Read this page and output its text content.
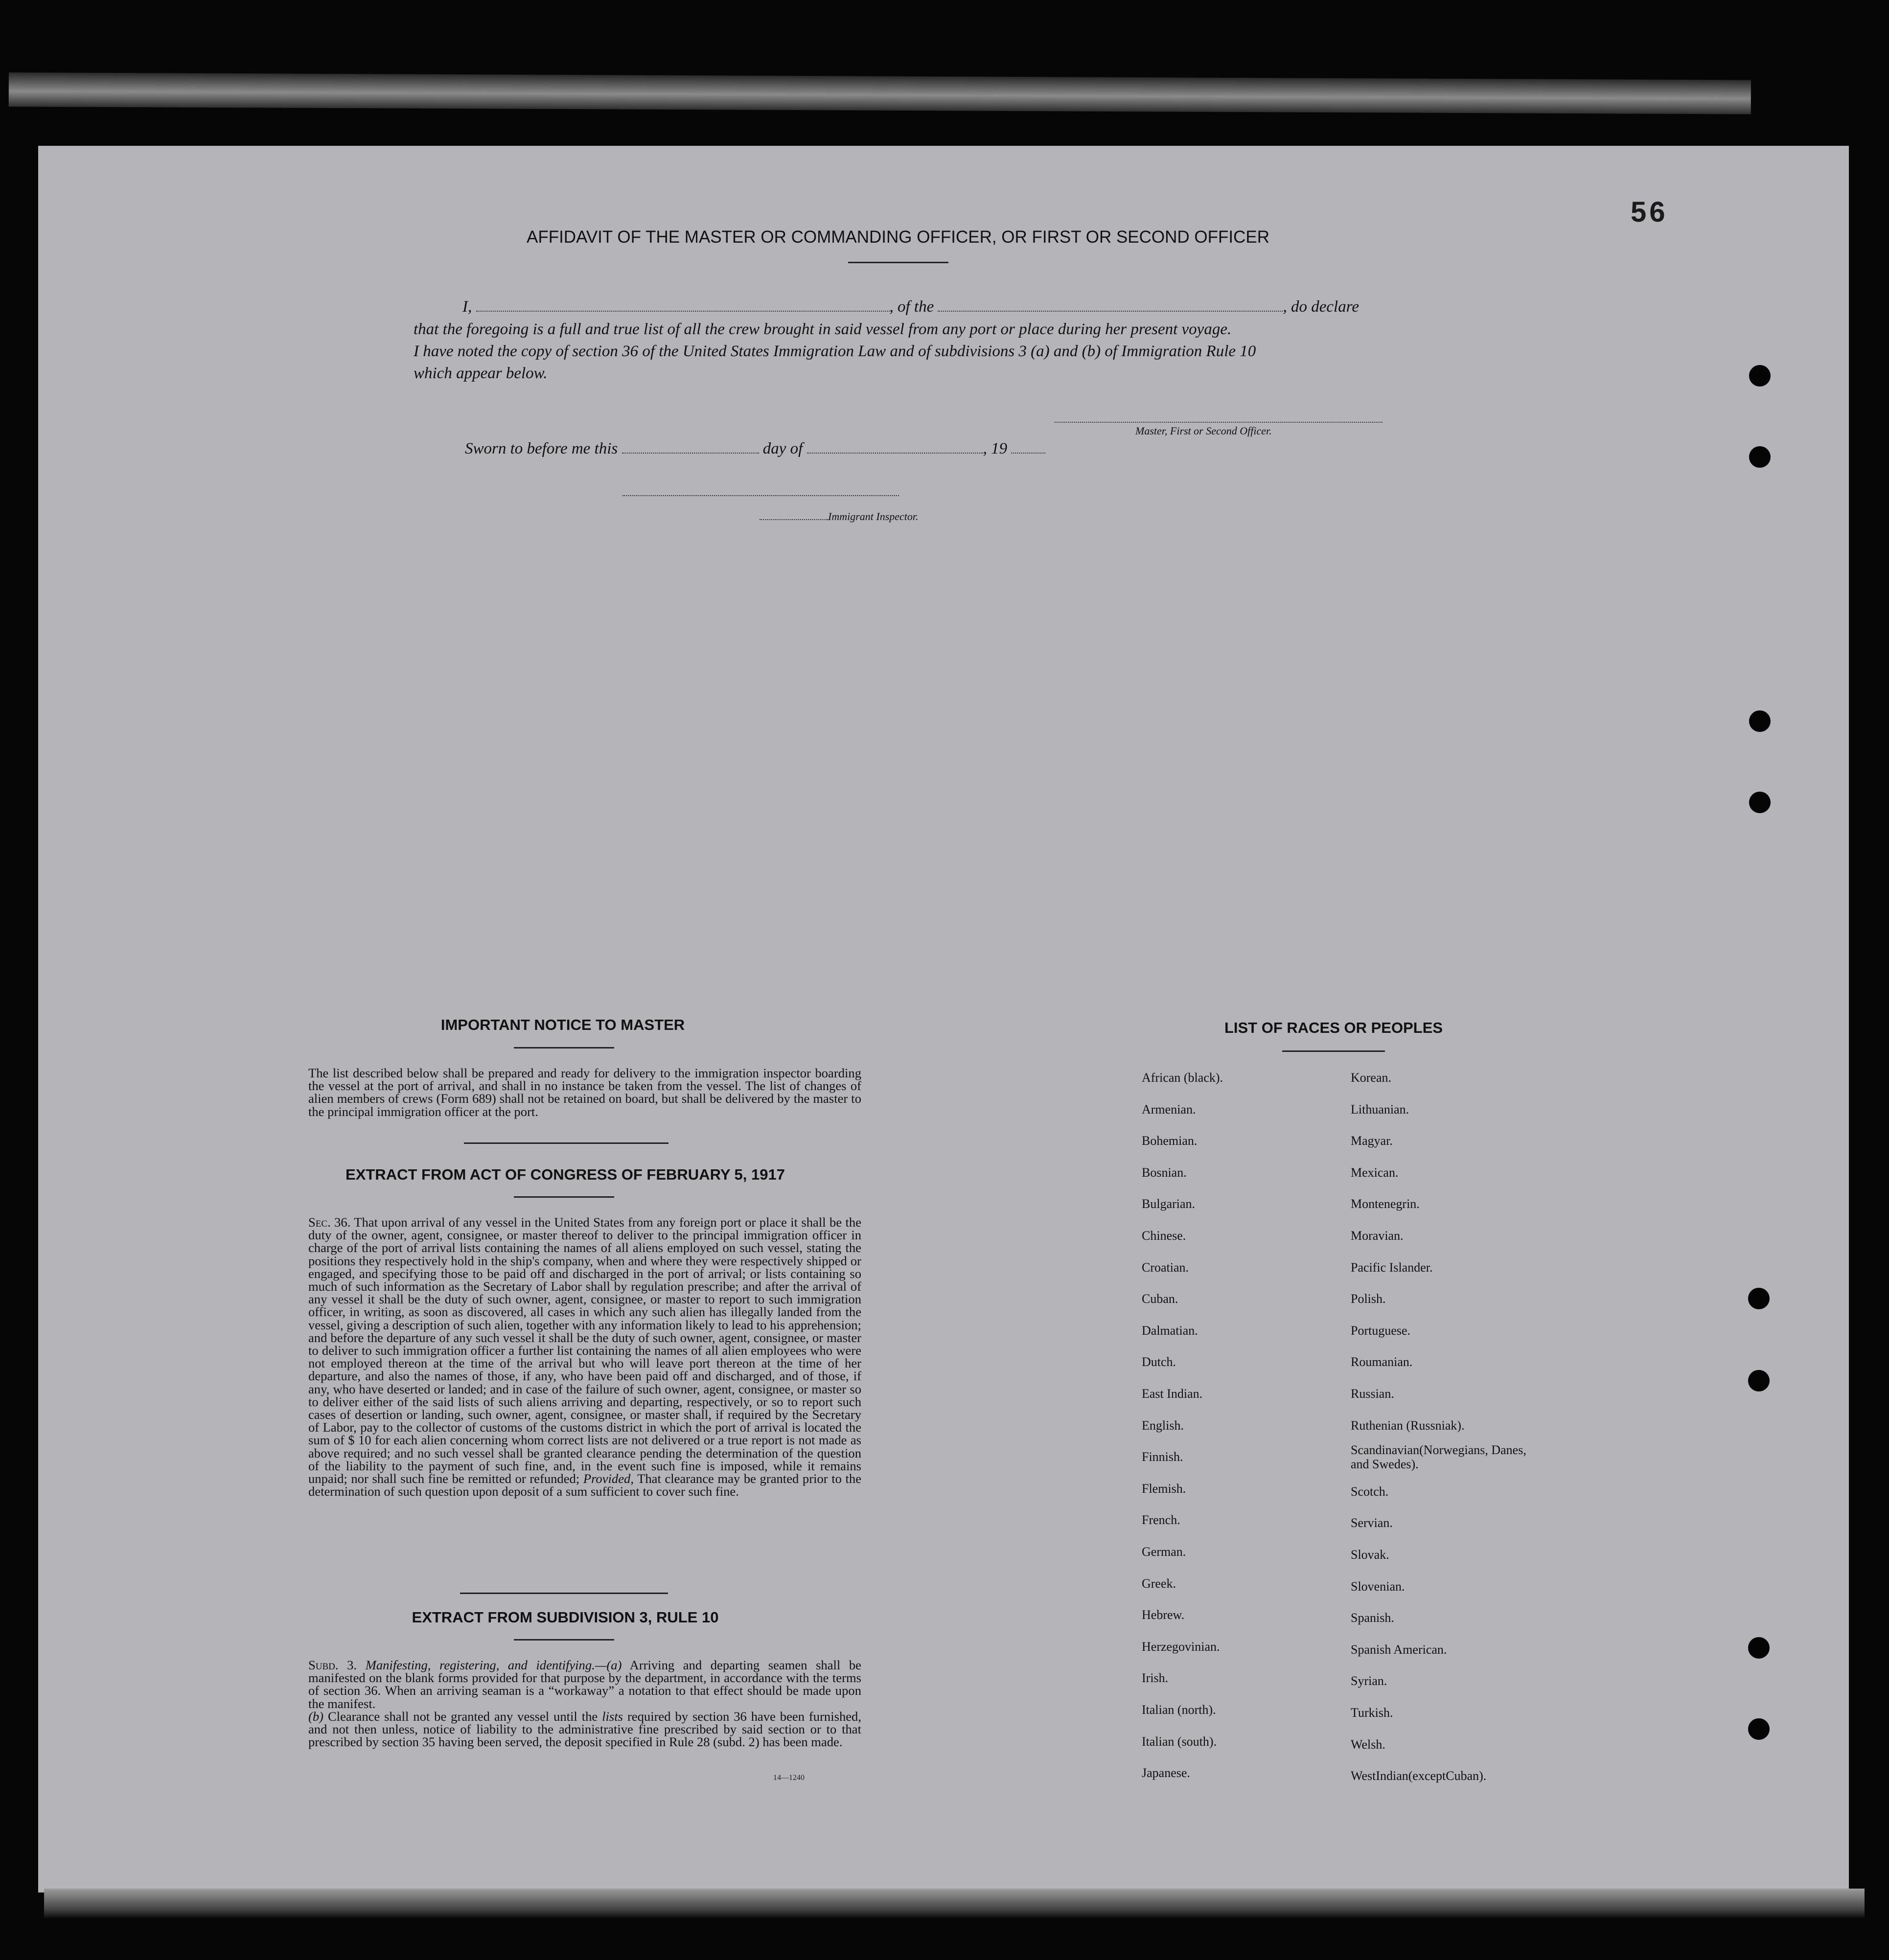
56
AFFIDAVIT OF THE MASTER OR COMMANDING OFFICER, OR FIRST OR SECOND OFFICER
I,	, of the	, do declare
that the foregoing is a full and true list of all the crew brought in said vessel from any port or place during her present voyage.
I have noted the copy of section 36 of the United States Immigration Law and of subdivisions 3 (a) and (b) of Immigration Rule 10
which appear below.
Master, First or Second Officer.
Sworn to before me this	day of	, 19
Immigrant Inspector.
IMPORTANT NOTICE TO MASTER
The list described below shall be prepared and ready for delivery to the immigration inspector boarding the vessel at the port of arrival, and shall in no instance be taken from the vessel. The list of changes of alien members of crews (Form 689) shall not be retained on board, but shall be delivered by the master to the principal immigration officer at the port.
EXTRACT FROM ACT OF CONGRESS OF FEBRUARY 5, 1917
Sec. 36. That upon arrival of any vessel in the United States from any foreign port or place it shall be the duty of the owner, agent, consignee, or master thereof to deliver to the principal immigration officer in charge of the port of arrival lists containing the names of all aliens employed on such vessel, stating the positions they respectively hold in the ship's company, when and where they were respectively shipped or engaged, and specifying those to be paid off and discharged in the port of arrival; or lists containing so much of such information as the Secretary of Labor shall by regulation prescribe; and after the arrival of any vessel it shall be the duty of such owner, agent, consignee, or master to report to such immigration officer, in writing, as soon as discovered, all cases in which any such alien has illegally landed from the vessel, giving a description of such alien, together with any information likely to lead to his apprehension; and before the departure of any such vessel it shall be the duty of such owner, agent, consignee, or master to deliver to such immigration officer a further list containing the names of all alien employees who were not employed thereon at the time of the arrival but who will leave port thereon at the time of her departure, and also the names of those, if any, who have been paid off and discharged, and of those, if any, who have deserted or landed; and in case of the failure of such owner, agent, consignee, or master so to deliver either of the said lists of such aliens arriving and departing, respectively, or so to report such cases of desertion or landing, such owner, agent, consignee, or master shall, if required by the Secretary of Labor, pay to the collector of customs of the customs district in which the port of arrival is located the sum of $ 10 for each alien concerning whom correct lists are not delivered or a true report is not made as above required; and no such vessel shall be granted clearance pending the determination of the question of the liability to the payment of such fine, and, in the event such fine is imposed, while it remains unpaid; nor shall such fine be remitted or refunded; Provided, That clearance may be granted prior to the determination of such question upon deposit of a sum sufficient to cover such fine.
EXTRACT FROM SUBDIVISION 3, RULE 10
Subd. 3. Manifesting, registering, and identifying.—(a) Arriving and departing seamen shall be manifested on the blank forms provided for that purpose by the department, in accordance with the terms of section 36. When an arriving seaman is a “workaway” a notation to that effect should be made upon the manifest.
(b) Clearance shall not be granted any vessel until the lists required by section 36 have been furnished, and not then unless, notice of liability to the administrative fine prescribed by said section or to that prescribed by section 35 having been served, the deposit specified in Rule 28 (subd. 2) has been made.
14—1240
LIST OF RACES OR PEOPLES
African (black).
Armenian.
Bohemian.
Bosnian.
Bulgarian.
Chinese.
Croatian.
Cuban.
Dalmatian.
Dutch.
East Indian.
English.
Finnish.
Flemish.
French.
German.
Greek.
Hebrew.
Herzegovinian.
Irish.
Italian (north).
Italian (south).
Japanese.
Korean.
Lithuanian.
Magyar.
Mexican.
Montenegrin.
Moravian.
Pacific Islander.
Polish.
Portuguese.
Roumanian.
Russian.
Ruthenian (Russniak).
Scandinavian(Norwegians, Danes, and Swedes).
Scotch.
Servian.
Slovak.
Slovenian.
Spanish.
Spanish American.
Syrian.
Turkish.
Welsh.
WestIndian(exceptCuban).
